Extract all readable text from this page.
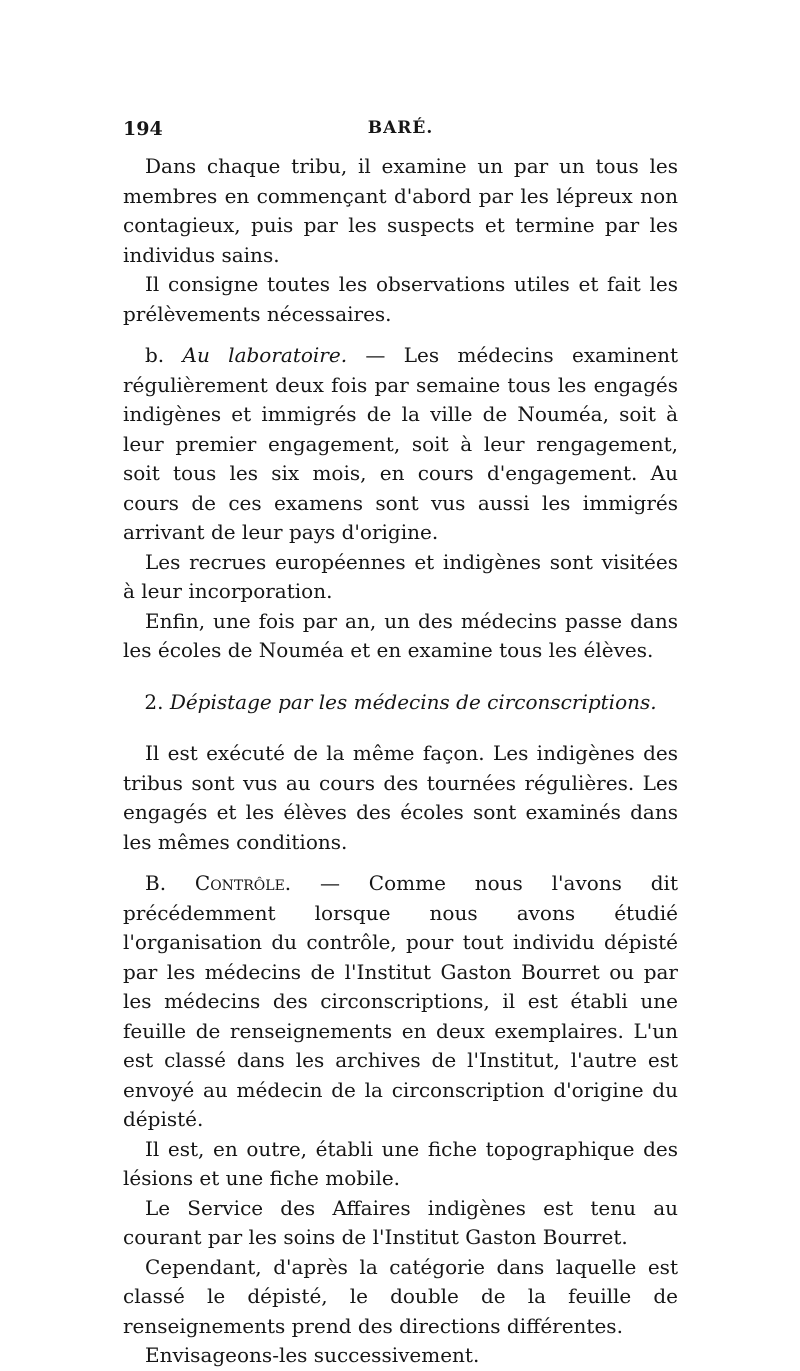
194	BARÉ.

Dans chaque tribu, il examine un par un tous les membres en commençant d'abord par les lépreux non contagieux, puis par les suspects et termine par les individus sains.

Il consigne toutes les observations utiles et fait les prélèvements nécessaires.

b. Au laboratoire. — Les médecins examinent régulièrement deux fois par semaine tous les engagés indigènes et immigrés de la ville de Nouméa, soit à leur premier engagement, soit à leur rengagement, soit tous les six mois, en cours d'engagement. Au cours de ces examens sont vus aussi les immigrés arrivant de leur pays d'origine.

Les recrues européennes et indigènes sont visitées à leur incorporation.

Enfin, une fois par an, un des médecins passe dans les écoles de Nouméa et en examine tous les élèves.

2. Dépistage par les médecins de circonscriptions.

Il est exécuté de la même façon. Les indigènes des tribus sont vus au cours des tournées régulières. Les engagés et les élèves des écoles sont examinés dans les mêmes conditions.

B. Contrôle. — Comme nous l'avons dit précédemment lorsque nous avons étudié l'organisation du contrôle, pour tout individu dépisté par les médecins de l'Institut Gaston Bourret ou par les médecins des circonscriptions, il est établi une feuille de renseignements en deux exemplaires. L'un est classé dans les archives de l'Institut, l'autre est envoyé au médecin de la circonscription d'origine du dépisté.

Il est, en outre, établi une fiche topographique des lésions et une fiche mobile.

Le Service des Affaires indigènes est tenu au courant par les soins de l'Institut Gaston Bourret.

Cependant, d'après la catégorie dans laquelle est classé le dépisté, le double de la feuille de renseignements prend des directions différentes.

Envisageons-les successivement.
